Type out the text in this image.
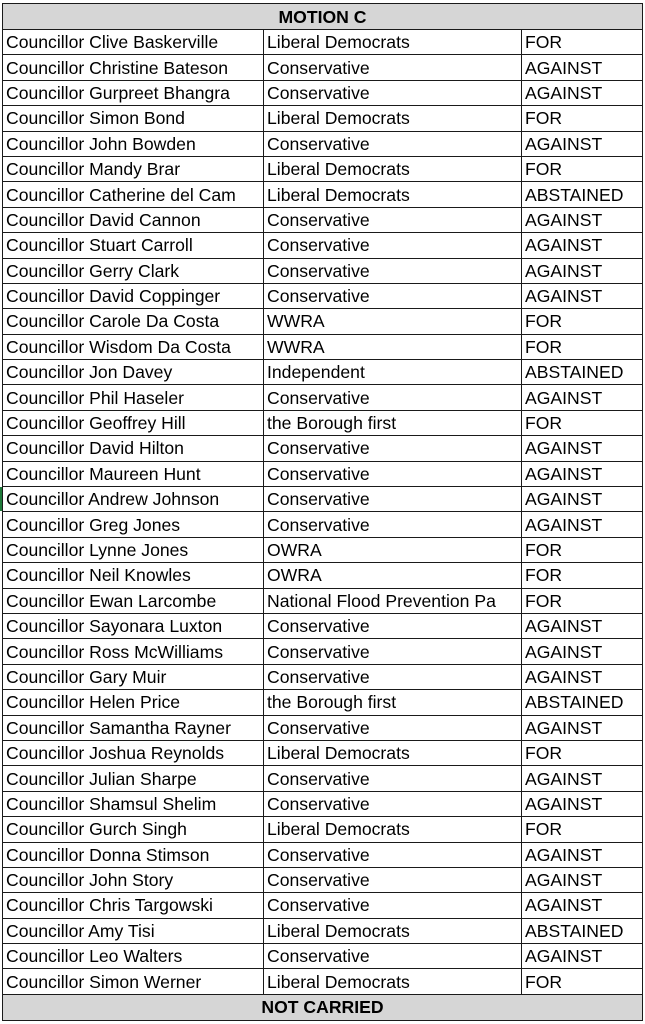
MOTION C		
Councillor Clive Baskerville	Liberal Democrats	FOR
Councillor Christine Bateson	Conservative	AGAINST
Councillor Gurpreet Bhangra	Conservative	AGAINST
Councillor Simon Bond	Liberal Democrats	FOR
Councillor John Bowden	Conservative	AGAINST
Councillor Mandy Brar	Liberal Democrats	FOR
Councillor Catherine del Cam	Liberal Democrats	ABSTAINED
Councillor David Cannon	Conservative	AGAINST
Councillor Stuart Carroll	Conservative	AGAINST
Councillor Gerry Clark	Conservative	AGAINST
Councillor David Coppinger	Conservative	AGAINST
Councillor Carole Da Costa	WWRA	FOR
Councillor Wisdom Da Costa	WWRA	FOR
Councillor Jon Davey	Independent	ABSTAINED
Councillor Phil Haseler	Conservative	AGAINST
Councillor Geoffrey Hill	the Borough first	FOR
Councillor David Hilton	Conservative	AGAINST
Councillor Maureen Hunt	Conservative	AGAINST
Councillor Andrew Johnson	Conservative	AGAINST
Councillor Greg Jones	Conservative	AGAINST
Councillor Lynne Jones	OWRA	FOR
Councillor Neil Knowles	OWRA	FOR
Councillor Ewan Larcombe	National Flood Prevention Pa	FOR
Councillor Sayonara Luxton	Conservative	AGAINST
Councillor Ross McWilliams	Conservative	AGAINST
Councillor Gary Muir	Conservative	AGAINST
Councillor Helen Price	the Borough first	ABSTAINED
Councillor Samantha Rayner	Conservative	AGAINST
Councillor Joshua Reynolds	Liberal Democrats	FOR
Councillor Julian Sharpe	Conservative	AGAINST
Councillor Shamsul Shelim	Conservative	AGAINST
Councillor Gurch Singh	Liberal Democrats	FOR
Councillor Donna Stimson	Conservative	AGAINST
Councillor John Story	Conservative	AGAINST
Councillor Chris Targowski	Conservative	AGAINST
Councillor Amy Tisi	Liberal Democrats	ABSTAINED
Councillor Leo Walters	Conservative	AGAINST
Councillor Simon Werner	Liberal Democrats	FOR
NOT CARRIED		
